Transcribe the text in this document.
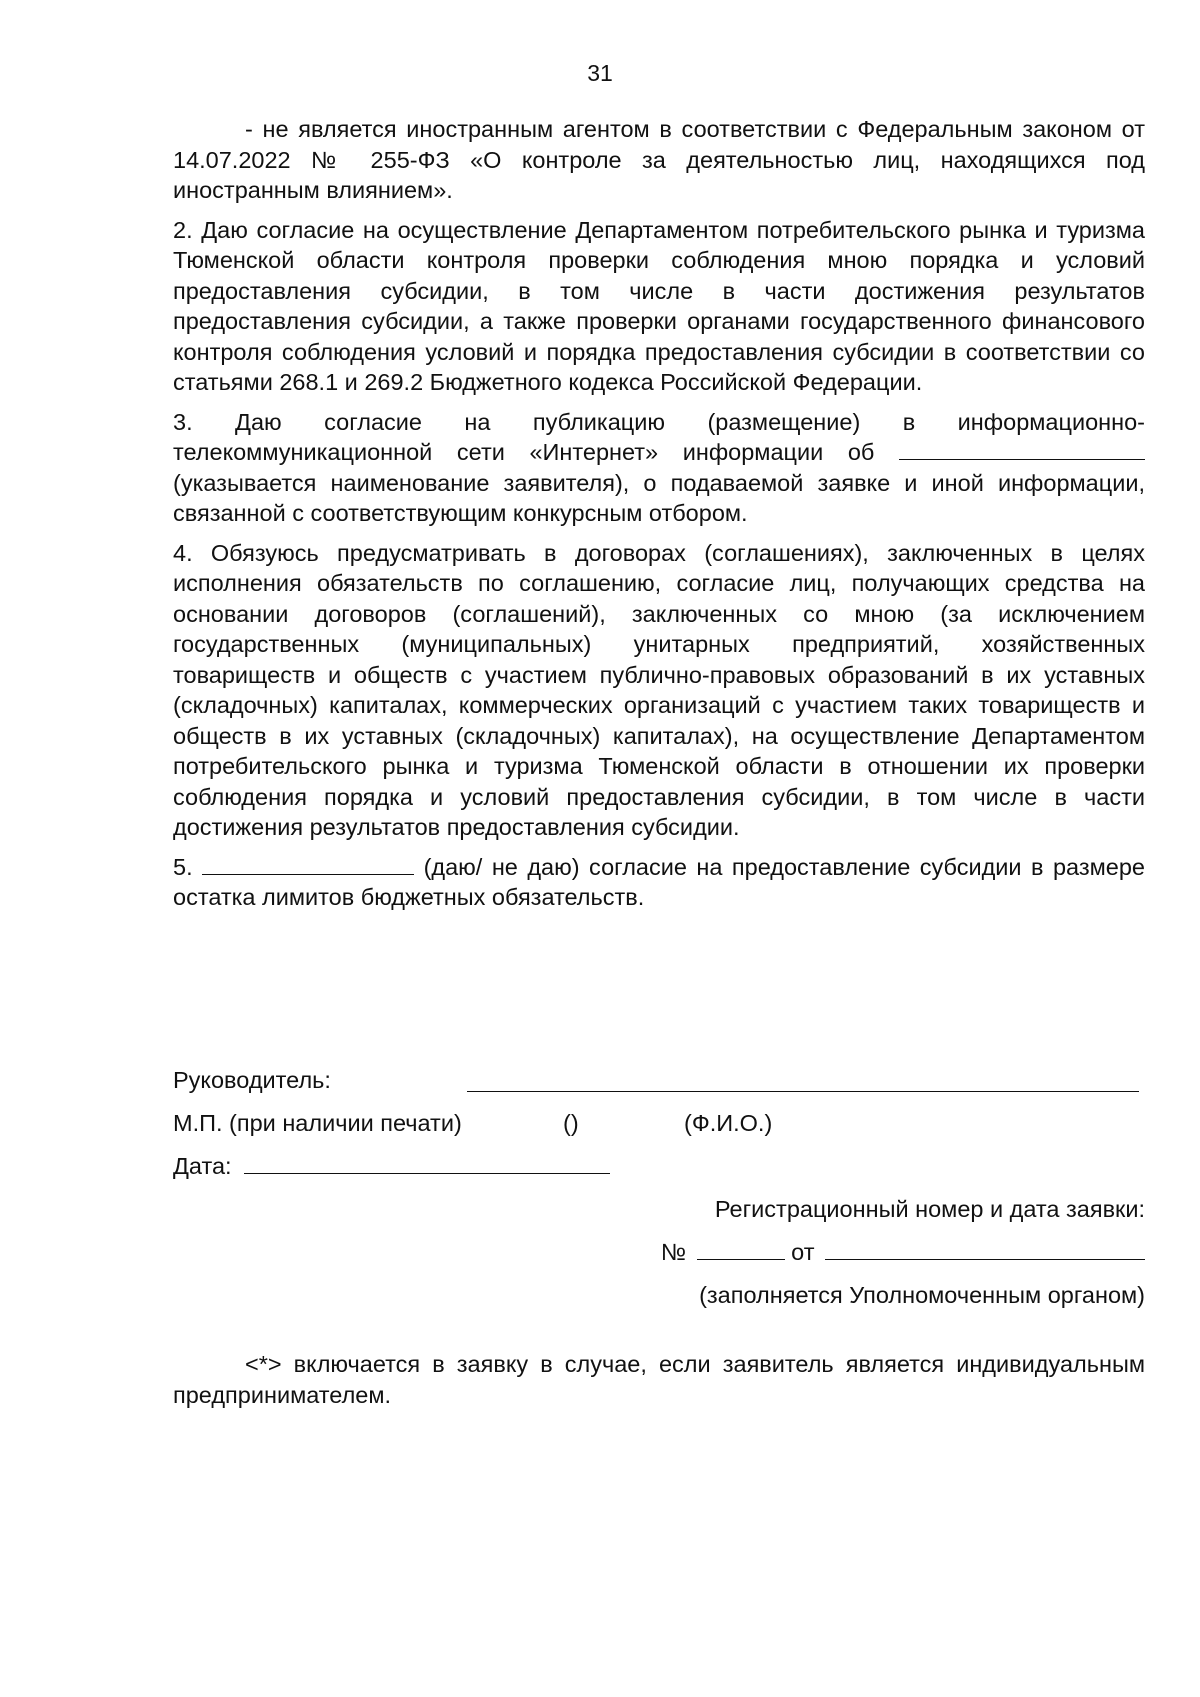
31

- не является иностранным агентом в соответствии с Федеральным законом от 14.07.2022 № 255-ФЗ «О контроле за деятельностью лиц, находящихся под иностранным влиянием».

2. Даю согласие на осуществление Департаментом потребительского рынка и туризма Тюменской области контроля проверки соблюдения мною порядка и условий предоставления субсидии, в том числе в части достижения результатов предоставления субсидии, а также проверки органами государственного финансового контроля соблюдения условий и порядка предоставления субсидии в соответствии со статьями 268.1 и 269.2 Бюджетного кодекса Российской Федерации.

3. Даю согласие на публикацию (размещение) в информационно-телекоммуникационной сети «Интернет» информации об  (указывается наименование заявителя), о подаваемой заявке и иной информации, связанной с соответствующим конкурсным отбором.

4. Обязуюсь предусматривать в договорах (соглашениях), заключенных в целях исполнения обязательств по соглашению, согласие лиц, получающих средства на основании договоров (соглашений), заключенных со мною (за исключением государственных (муниципальных) унитарных предприятий, хозяйственных товариществ и обществ с участием публично-правовых образований в их уставных (складочных) капиталах, коммерческих организаций с участием таких товариществ и обществ в их уставных (складочных) капиталах), на осуществление Департаментом потребительского рынка и туризма Тюменской области в отношении их проверки соблюдения порядка и условий предоставления субсидии, в том числе в части достижения результатов предоставления субсидии.

5.	(даю/ не даю) согласие на предоставление субсидии в размере остатка лимитов бюджетных обязательств.

Руководитель:
М.П. (при наличии печати)	()	(Ф.И.О.)
Дата:
Регистрационный номер и дата заявки:
№	от
(заполняется Уполномоченным органом)

<*> включается в заявку в случае, если заявитель является индивидуальным предпринимателем.
